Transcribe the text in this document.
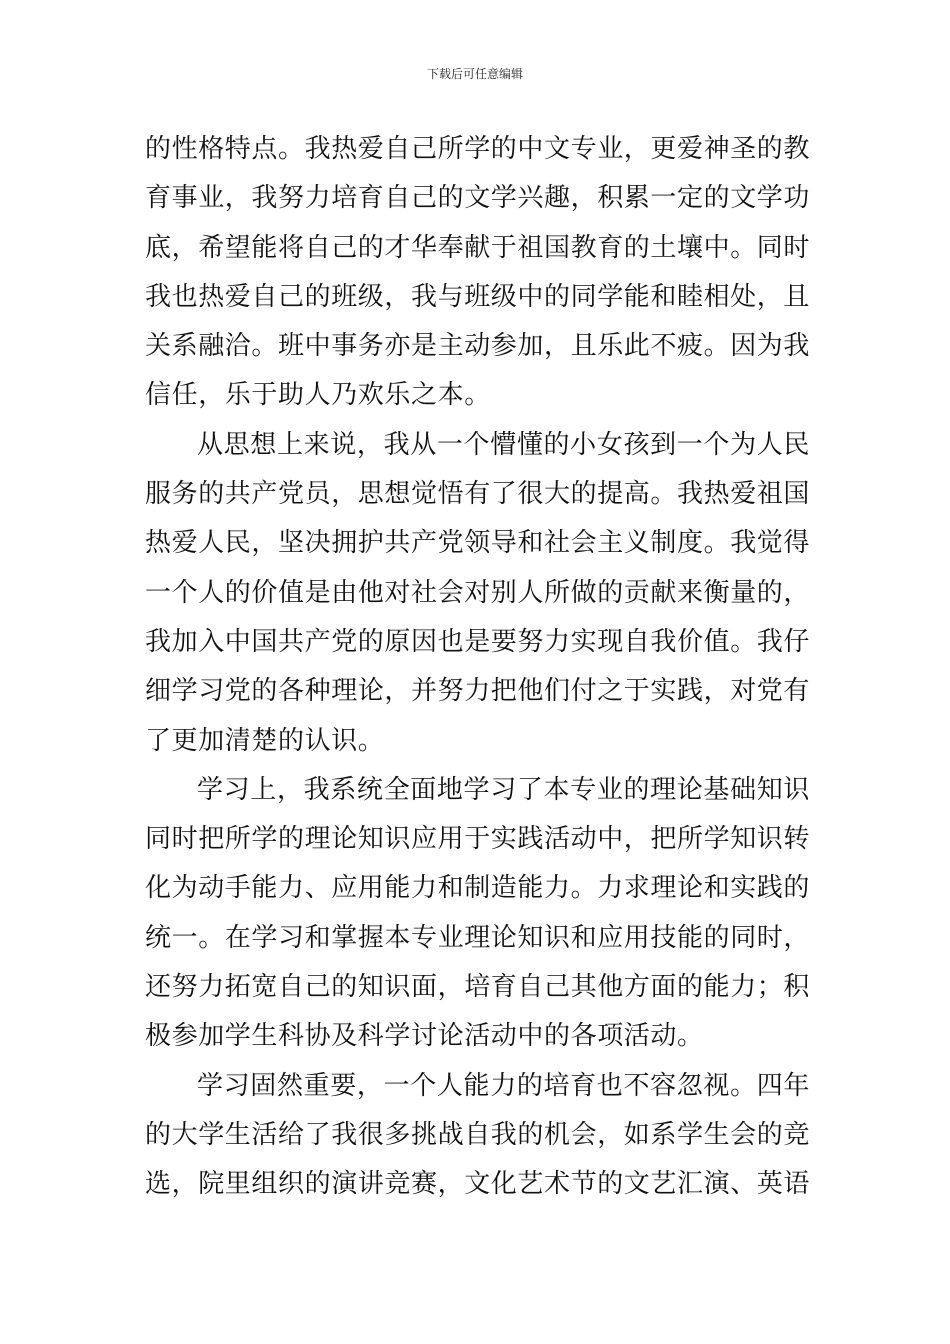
下载后可任意编辑
的性格特点。我热爱自己所学的中文专业，更爱神圣的教
育事业，我努力培育自己的文学兴趣，积累一定的文学功
底，希望能将自己的才华奉献于祖国教育的土壤中。同时
我也热爱自己的班级，我与班级中的同学能和睦相处，且
关系融洽。班中事务亦是主动参加，且乐此不疲。因为我
信任，乐于助人乃欢乐之本。
从思想上来说，我从一个懵懂的小女孩到一个为人民
服务的共产党员，思想觉悟有了很大的提高。我热爱祖国
热爱人民，坚决拥护共产党领导和社会主义制度。我觉得
一个人的价值是由他对社会对别人所做的贡献来衡量的，
我加入中国共产党的原因也是要努力实现自我价值。我仔
细学习党的各种理论，并努力把他们付之于实践，对党有
了更加清楚的认识。
学习上，我系统全面地学习了本专业的理论基础知识
同时把所学的理论知识应用于实践活动中，把所学知识转
化为动手能力、应用能力和制造能力。力求理论和实践的
统一。在学习和掌握本专业理论知识和应用技能的同时，
还努力拓宽自己的知识面，培育自己其他方面的能力；积
极参加学生科协及科学讨论活动中的各项活动。
学习固然重要，一个人能力的培育也不容忽视。四年
的大学生活给了我很多挑战自我的机会，如系学生会的竞
选，院里组织的演讲竞赛，文化艺术节的文艺汇演、英语
